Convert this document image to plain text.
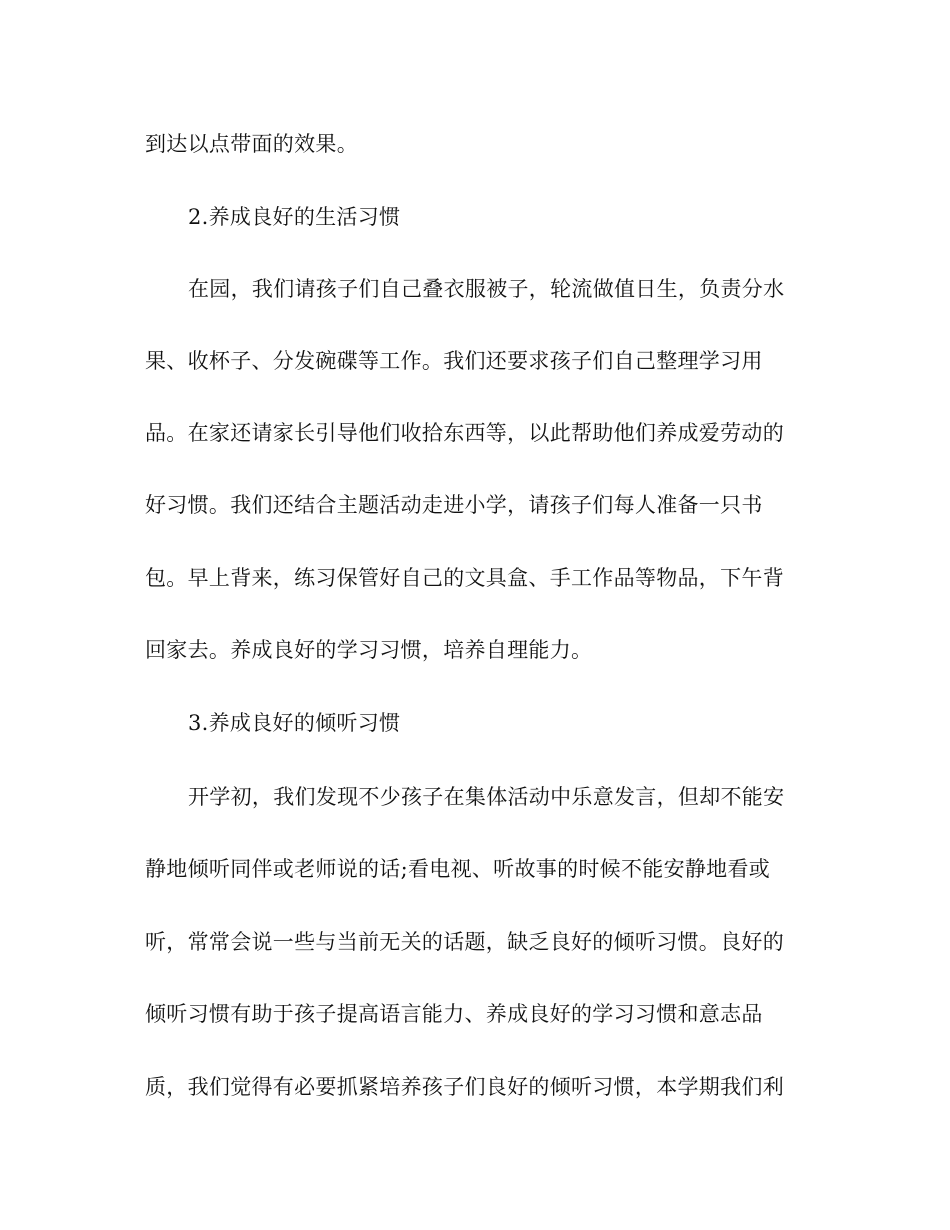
到达以点带面的效果。
2.养成良好的生活习惯
在园，我们请孩子们自己叠衣服被子，轮流做值日生，负责分水
果、收杯子、分发碗碟等工作。我们还要求孩子们自己整理学习用
品。在家还请家长引导他们收拾东西等，以此帮助他们养成爱劳动的
好习惯。我们还结合主题活动走进小学，请孩子们每人准备一只书
包。早上背来，练习保管好自己的文具盒、手工作品等物品，下午背
回家去。养成良好的学习习惯，培养自理能力。
3.养成良好的倾听习惯
开学初，我们发现不少孩子在集体活动中乐意发言，但却不能安
静地倾听同伴或老师说的话;看电视、听故事的时候不能安静地看或
听，常常会说一些与当前无关的话题，缺乏良好的倾听习惯。良好的
倾听习惯有助于孩子提高语言能力、养成良好的学习习惯和意志品
质，我们觉得有必要抓紧培养孩子们良好的倾听习惯，本学期我们利
